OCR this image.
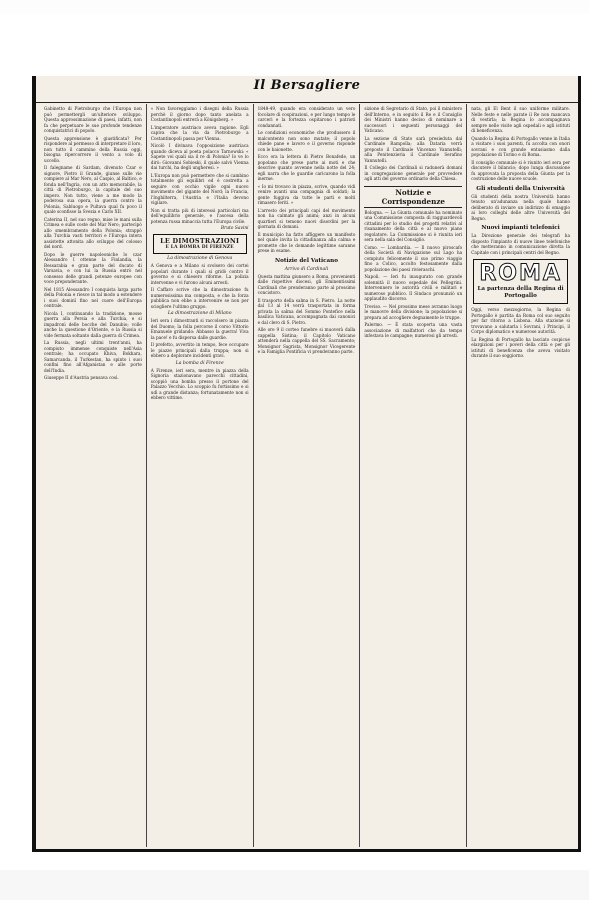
Il Bersagliere

Gabinetto di Pietroburgo che l'Europa non può permettergli un'ulteriore sviluppo. Questa approssimazione di paesi, infatti, non fa che perpetuare le sue profonde tendenze conquistatrici di popolo.

Questa apprensione è giustificata? Per rispondere al permesso di interpretare il loro, non tutto il cammino della Russia oggi, bisogna ripercorrere il vento a volo di uccello.

Il falegname di Sardam, divenuto Czar e signore, Pietro il Grande, giunse sulle vie compiere al Mar Nero, al Caspio, al Baltico, e fonda nell'Ingria, con un atto memorabile, la città di Pietroburgo, la capitale del suo impero. Non tutto, viene a me modo la poderosa sua opera, la guerra contro la Polonia, Sabluogo e Pultava qual fu poco il quale sconfisse la Svezia e Carlo XII.

Caterina II, nel suo regno, mise le mani sulla Crimea e sulle coste del Mar Nero; partecipò allo smembramento della Polonia; strappò alla Turchia vasti territori e l'Europa intera assistette attonita allo sviluppo del colosso del nord.

Dopo le guerre napoleoniche lo czar Alessandro I ottenne la Finlandia, la Bessarabia e gran parte del ducato di Varsavia, e con lui la Russia entrò nel consesso delle grandi potenze europee con voce preponderante.

Nel 1815 Alessandro I conquista larga parte della Polonia e riesce in tal modo a estendere i suoi dominî fino nel cuore dell'Europa centrale.

Nicola I, continuando la tradizione, mosse guerra alla Persia e alla Turchia, e si impadronì delle bocche del Danubio; volle anche la questione d'Oriente, e la Russia si vide fermata soltanto dalla guerra di Crimea.

La Russia, negli ultimi trent'anni, ha compiuto immense conquiste nell'Asia centrale; ha occupato Khiva, Bokhara, Samarcanda, il Turkestan, ha spinto i suoi confini fino all'Afganistan e alle porte dell'India.

Giuseppe II d'Austria pensava così.

« Non favoreggiamo i disegni della Russia perchè il giorno dopo tanto anelata a Costantinopoli entrerà a Königsberg. »

L'imperatore austriaco aveva ragione. Egli capiva che la via da Pietroburgo a Costantinopoli passa per Vienna.

Nicolò I divinava l'opposizione austriaca quando diceva al poeta polacco Tarnowski: « Sapete voi quali sia il re di Polonia? Io ve lo dirò: Giovanni Sobieski, il quale salvò Vienna dai turchi, ha degli ungheresi. »

L'Europa non può permettere che si cambino totalmente gli equilibri ed è costretta a seguire con occhio vigile ogni nuovo movimento del gigante del Nord; la Francia, l'Inghilterra, l'Austria e l'Italia devono vigilare.

Non si tratta più di interessi particolari ma dell'equilibrio generale, e l'ascesa della potenza russa minaccia tutta l'Europa civile.

Bruto Savini
LE DIMOSTRAZIONI
E LA BOMBA DI FIRENZE
La dimostrazione di Genova

A Genova e a Milano si svolsero dei cortei popolari durante i quali si gridò contro il governo e si chiesero riforme. La polizia intervenne e vi furono alcuni arresti.

Il Caffaro scrive che la dimostrazione fu numerosissima ma composta, e che la forza pubblica non ebbe a intervenire se non per sciogliere l'ultimo gruppo.

La dimostrazione di Milano

Ieri sera i dimostranti si raccolsero in piazza del Duomo; la folla percorse il corso Vittorio Emanuele gridando: Abbasso la guerra! Viva la pace! e fu dispersa dalle guardie.

Il prefetto, avvertito in tempo, fece occupare le piazze principali dalla truppa; non si ebbero a deplorare incidenti gravi.

La bomba di Firenze

A Firenze, ieri sera, mentre in piazza della Signoria stazionavano parecchi cittadini, scoppiò una bomba presso il portone del Palazzo Vecchio. Lo scoppio fu fortissimo e si udì a grande distanza; fortunatamente non si ebbero vittime.

1848-49, quando era considerato un vero focolare di cospirazioni, e per lungo tempo le carceri e la fortezza ospitarono i patrioti condannati.

Le condizioni economiche che produssero il malcontento non sono mutate; il popolo chiede pane e lavoro e il governo risponde con le baionette.

Ecco ora la lettera di Pietro Bonafede, un popolano che prese parte ai moti e che descrive quanto avvenne nella notte del 24; egli narra che le guardie caricarono la folla inerme.

« Io mi trovavo in piazza, scrive, quando vidi venire avanti una compagnia di soldati; la gente fuggiva da tutte le parti e molti rimasero feriti. »

L'arresto dei principali capi del movimento non ha calmato gli animi; anzi in alcuni quartieri si temono nuovi disordini per la giornata di domani.

Il municipio ha fatto affiggere un manifesto nel quale invita la cittadinanza alla calma e promette che le domande legittime saranno prese in esame.

Notizie del Vaticano
Arrivo di Cardinali

Questa mattina giunsero a Roma, provenienti dalle rispettive diocesi, gli Eminentissimi Cardinali che prenderanno parte al prossimo concistoro.

Il trasporto della salma in S. Pietro. La notte dal 13 al 14 verrà trasportata in forma privata la salma del Sommo Pontefice nella basilica Vaticana, accompagnata dai canonici e dal clero di S. Pietro.

Alle ore 9 il corteo funebre si muoverà dalla cappella Sistina; il Capitolo Vaticano attenderà nella cappella del SS. Sacramento; Monsignor Sagrista, Monsignor Vicegerente e la Famiglia Pontificia vi prenderanno parte.

sizione di Segretario di Stato, poi il ministero dell'Interno, e in seguito il Re e il Consiglio dei Ministri hanno deciso di nominare a successori i seguenti personaggi del Vaticano.

La sezione di Stato sarà presieduta dal Cardinale Rampolla; alla Dataria verrà preposto il Cardinale Vincenzo Vannutelli; alla Penitenzieria il Cardinale Serafino Vannutelli.

Il Collegio dei Cardinali si radunerà domani in congregazione generale per provvedere agli atti del governo ordinario della Chiesa.

Notizie e Corrispondenze

Bologna. — La Giunta comunale ha nominato una Commissione composta di ragguardevoli cittadini per lo studio dei progetti relativi al risanamento della città e al nuovo piano regolatore. La Commissione si è riunita ieri sera nella sala del Consiglio.

Como. — Lombardia. — Il nuovo piroscafo della Società di Navigazione sul Lago ha compiuto felicemente il suo primo viaggio fino a Colico, accolto festosamente dalla popolazione dei paesi rivieraschi.

Napoli. — Ieri fu inaugurato con grande solennità il nuovo ospedale dei Pellegrini. Intervennero le autorità civili e militari e numeroso pubblico. Il Sindaco pronunziò un applaudito discorso.

Treviso. — Nel prossimo mese avranno luogo le manovre della divisione; la popolazione si prepara ad accogliere degnamente le truppe.

Palermo. — È stata scoperta una vasta associazione di malfattori che da tempo infestava le campagne; numerosi gli arresti.

nata, gli El Bent il suo uniforme militare. Nelle feste e nelle parate il Re non mancava di vestirla; la Regina lo accompagnava sempre nelle visite agli ospedali e agli istituti di beneficenza.

Quando la Regina di Portogallo venne in Italia a visitare i suoi parenti, fu accolta con onori sovrani e con grande entusiasmo dalla popolazione di Torino e di Roma.

Il consiglio comunale si è riunito ieri sera per discutere il bilancio; dopo lunga discussione fu approvata la proposta della Giunta per la costruzione delle nuove scuole.

Gli studenti della Università

Gli studenti della nostra Università hanno tenuto un'adunanza nella quale hanno deliberato di inviare un indirizzo di omaggio ai loro colleghi delle altre Università del Regno.

Nuovi impianti telefonici

La Direzione generale dei telegrafi ha disposto l'impianto di nuove linee telefoniche che metteranno in comunicazione diretta la Capitale con i principali centri del Regno.

ROMA
La partenza della Regina di Portogallo

Oggi, verso mezzogiorno, la Regina di Portogallo è partita da Roma col suo seguito per far ritorno a Lisbona. Alla stazione si trovavano a salutarla i Sovrani, i Principi, il Corpo diplomatico e numerose autorità.

La Regina di Portogallo ha lasciato cospicue elargizioni per i poveri della città e per gli istituti di beneficenza che aveva visitato durante il suo soggiorno.
